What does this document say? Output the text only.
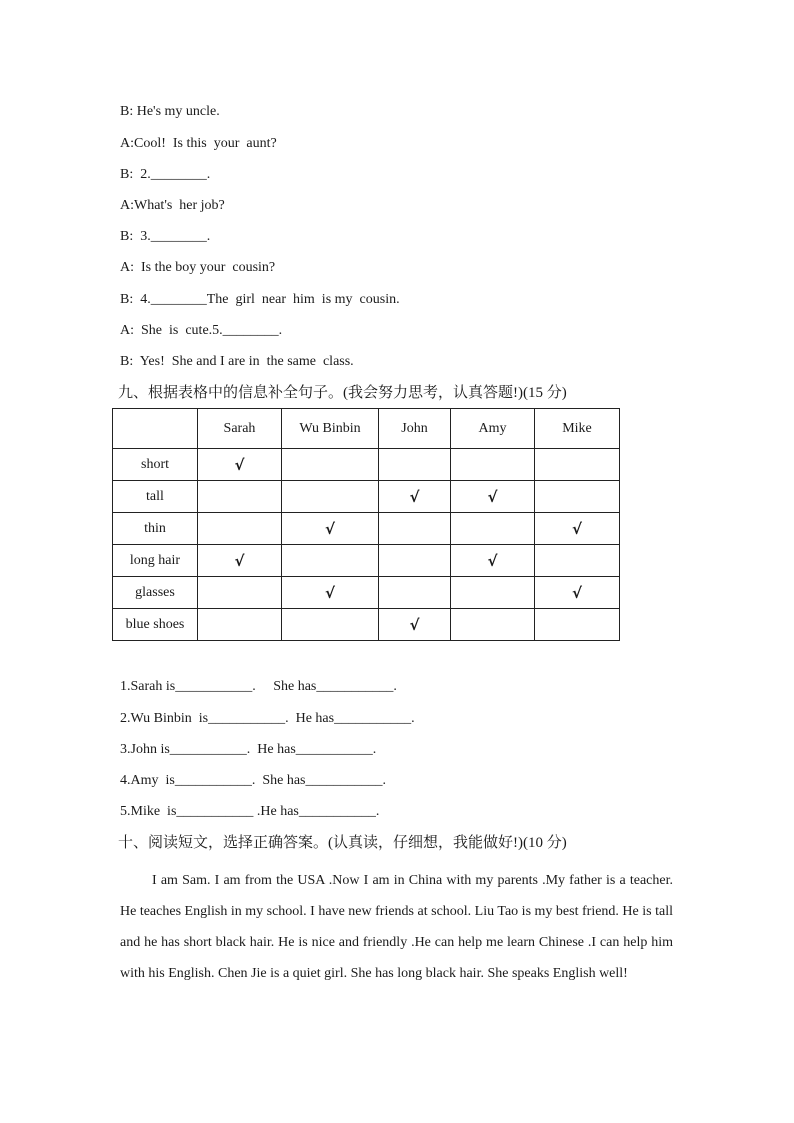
B: He's my uncle.
A:Cool!  Is this  your  aunt?
B:  2.________.
A:What's  her job?
B:  3.________.
A:  Is the boy your  cousin?
B:  4.________The  girl  near  him  is my  cousin.
A:  She  is  cute.5.________.
B:  Yes!  She and I are in  the same  class.
九、根据表格中的信息补全句子。(我会努力思考，认真答题!)(15 分)
	Sarah	Wu Binbin	John	Amy	Mike
short	√				
tall			√	√	
thin		√			√
long hair	√			√	
glasses		√			√
blue shoes			√		
1.Sarah is___________.     She has___________.
2.Wu Binbin  is___________.  He has___________.
3.John is___________.  He has___________.
4.Amy  is___________.  She has___________.
5.Mike  is___________ .He has___________.
十、阅读短文，选择正确答案。(认真读，仔细想，我能做好!)(10 分)
I am Sam. I am from the USA .Now I am in China with my parents .My father is a teacher. He teaches English in my school. I have new friends at school. Liu Tao is my best friend. He is tall and he has short black hair. He is nice and friendly .He can help me learn Chinese .I can help him with his English. Chen Jie is a quiet girl. She has long black hair. She speaks English well!
